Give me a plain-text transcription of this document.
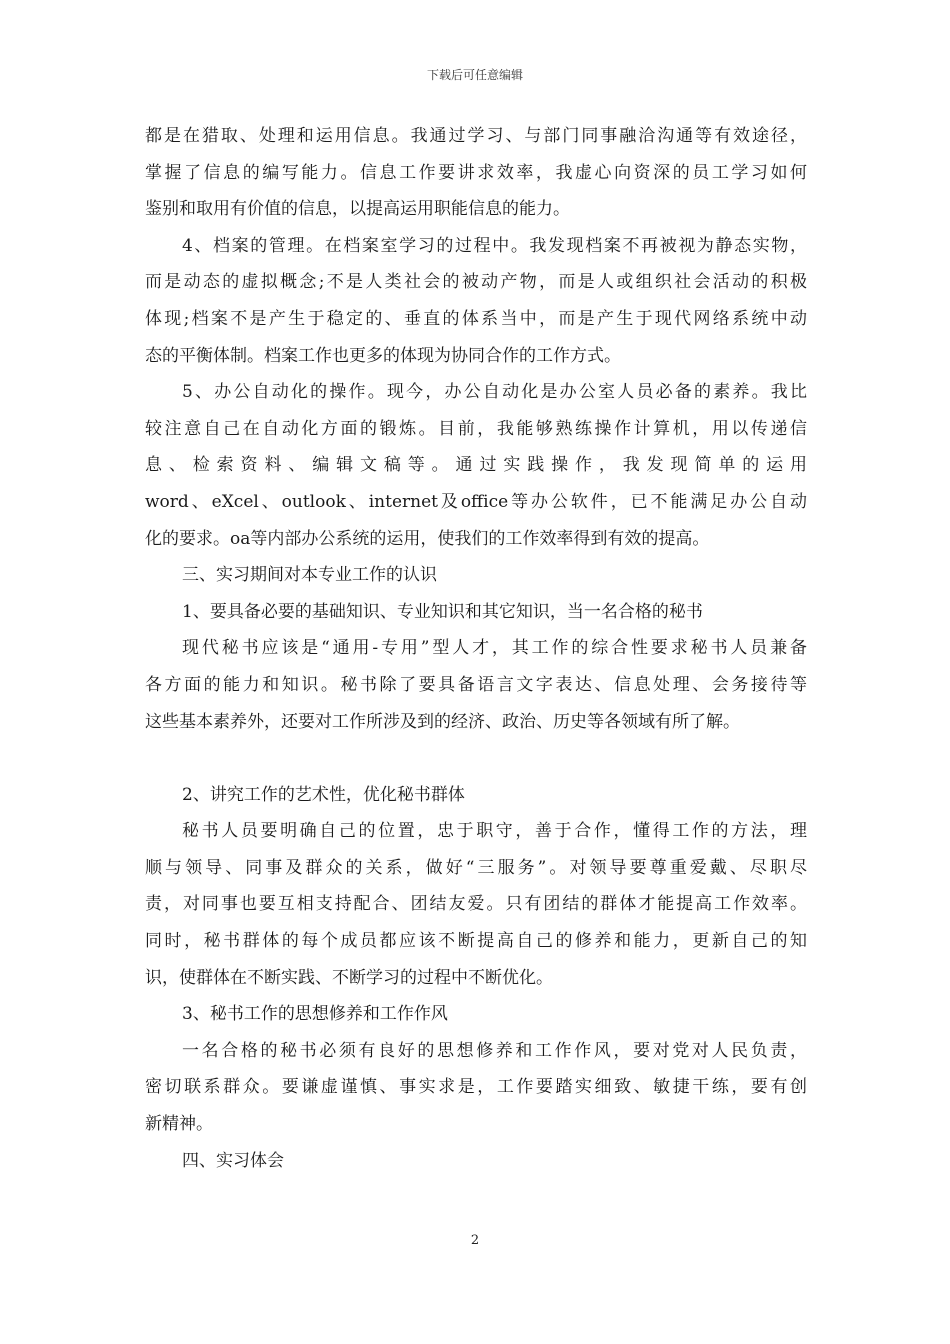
下载后可任意编辑
都是在猎取、处理和运用信息。我通过学习、与部门同事融洽沟通等有效途径，
掌握了信息的编写能力。信息工作要讲求效率，我虚心向资深的员工学习如何
鉴别和取用有价值的信息，以提高运用职能信息的能力。
4、档案的管理。在档案室学习的过程中。我发现档案不再被视为静态实物，
而是动态的虚拟概念;不是人类社会的被动产物，而是人或组织社会活动的积极
体现;档案不是产生于稳定的、垂直的体系当中，而是产生于现代网络系统中动
态的平衡体制。档案工作也更多的体现为协同合作的工作方式。
5、办公自动化的操作。现今，办公自动化是办公室人员必备的素养。我比
较注意自己在自动化方面的锻炼。目前，我能够熟练操作计算机，用以传递信
息、检索资料、编辑文稿等。通过实践操作，我发现简单的运用
word、eXcel、outlook、internet及office等办公软件，已不能满足办公自动
化的要求。oa等内部办公系统的运用，使我们的工作效率得到有效的提高。
三、实习期间对本专业工作的认识
1、要具备必要的基础知识、专业知识和其它知识，当一名合格的秘书
现代秘书应该是“通用-专用”型人才，其工作的综合性要求秘书人员兼备
各方面的能力和知识。秘书除了要具备语言文字表达、信息处理、会务接待等
这些基本素养外，还要对工作所涉及到的经济、政治、历史等各领域有所了解。
2、讲究工作的艺术性，优化秘书群体
秘书人员要明确自己的位置，忠于职守，善于合作，懂得工作的方法，理
顺与领导、同事及群众的关系，做好“三服务”。对领导要尊重爱戴、尽职尽
责，对同事也要互相支持配合、团结友爱。只有团结的群体才能提高工作效率。
同时，秘书群体的每个成员都应该不断提高自己的修养和能力，更新自己的知
识，使群体在不断实践、不断学习的过程中不断优化。
3、秘书工作的思想修养和工作作风
一名合格的秘书必须有良好的思想修养和工作作风，要对党对人民负责，
密切联系群众。要谦虚谨慎、事实求是，工作要踏实细致、敏捷干练，要有创
新精神。
四、实习体会
2
